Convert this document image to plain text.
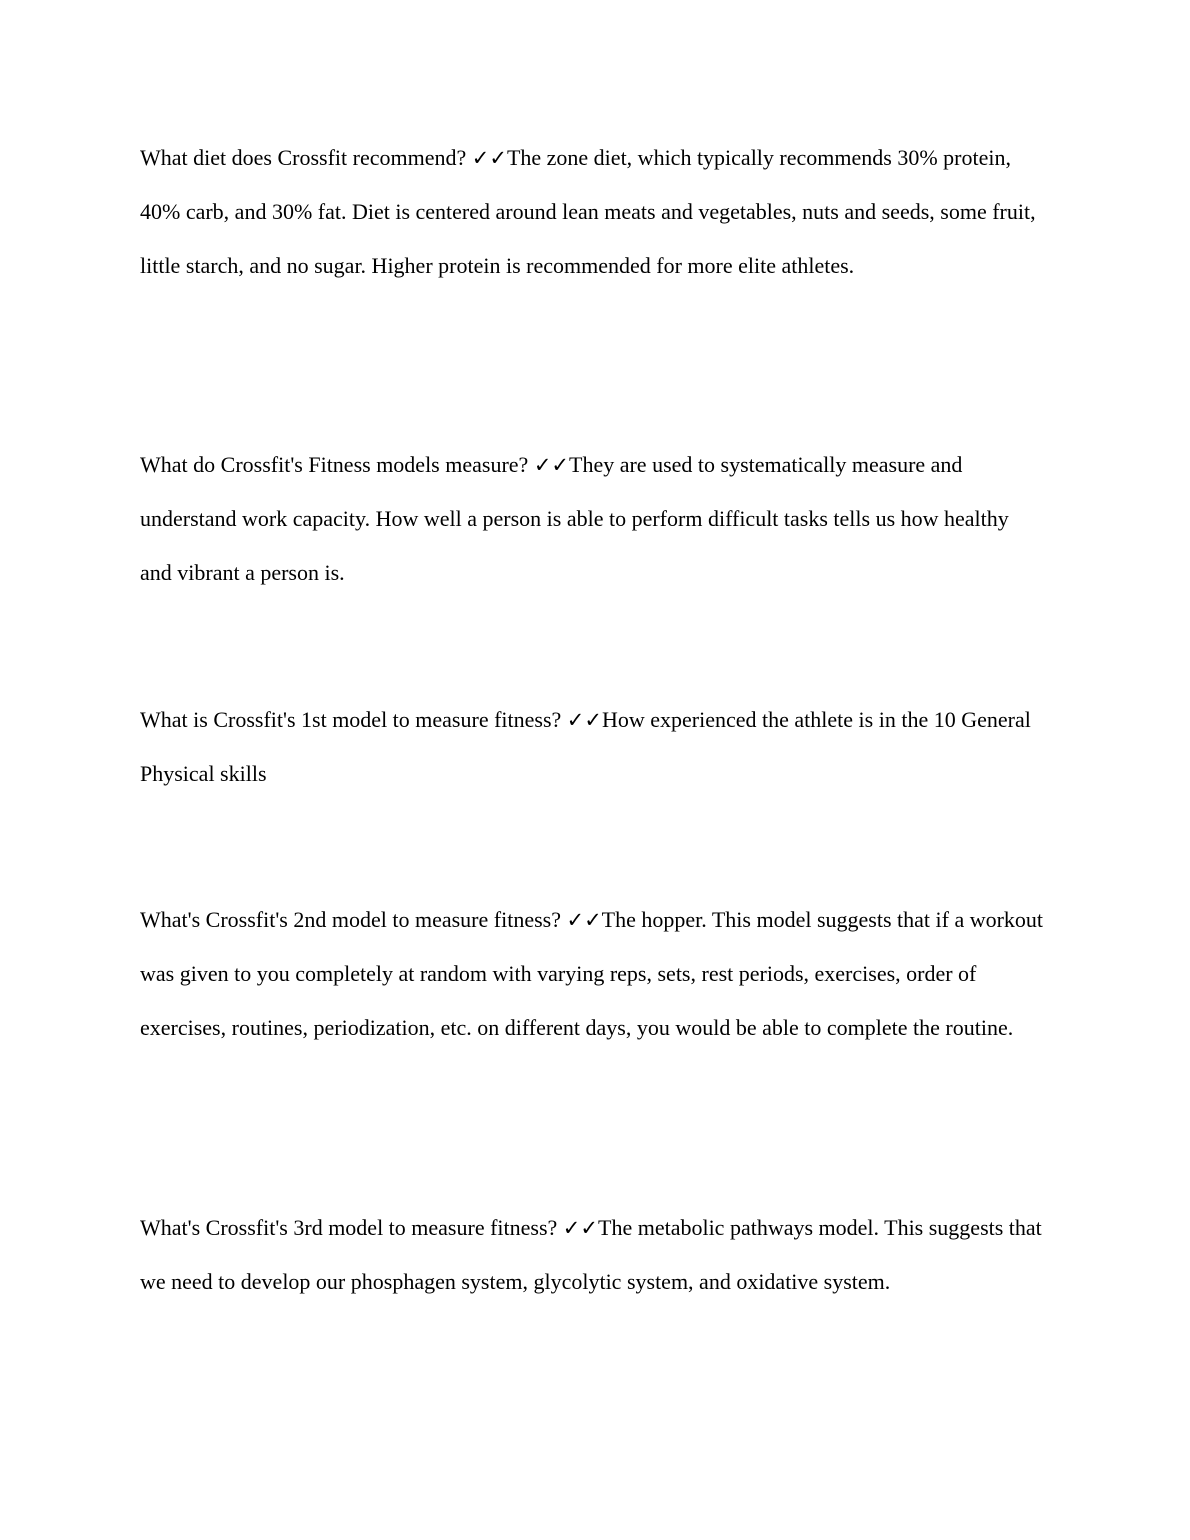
What diet does Crossfit recommend? ✓✓The zone diet, which typically recommends 30% protein, 40% carb, and 30% fat. Diet is centered around lean meats and vegetables, nuts and seeds, some fruit, little starch, and no sugar. Higher protein is recommended for more elite athletes.

What do Crossfit's Fitness models measure? ✓✓They are used to systematically measure and understand work capacity. How well a person is able to perform difficult tasks tells us how healthy and vibrant a person is.

What is Crossfit's 1st model to measure fitness? ✓✓How experienced the athlete is in the 10 General Physical skills

What's Crossfit's 2nd model to measure fitness? ✓✓The hopper. This model suggests that if a workout was given to you completely at random with varying reps, sets, rest periods, exercises, order of exercises, routines, periodization, etc. on different days, you would be able to complete the routine.

What's Crossfit's 3rd model to measure fitness? ✓✓The metabolic pathways model. This suggests that we need to develop our phosphagen system, glycolytic system, and oxidative system.
